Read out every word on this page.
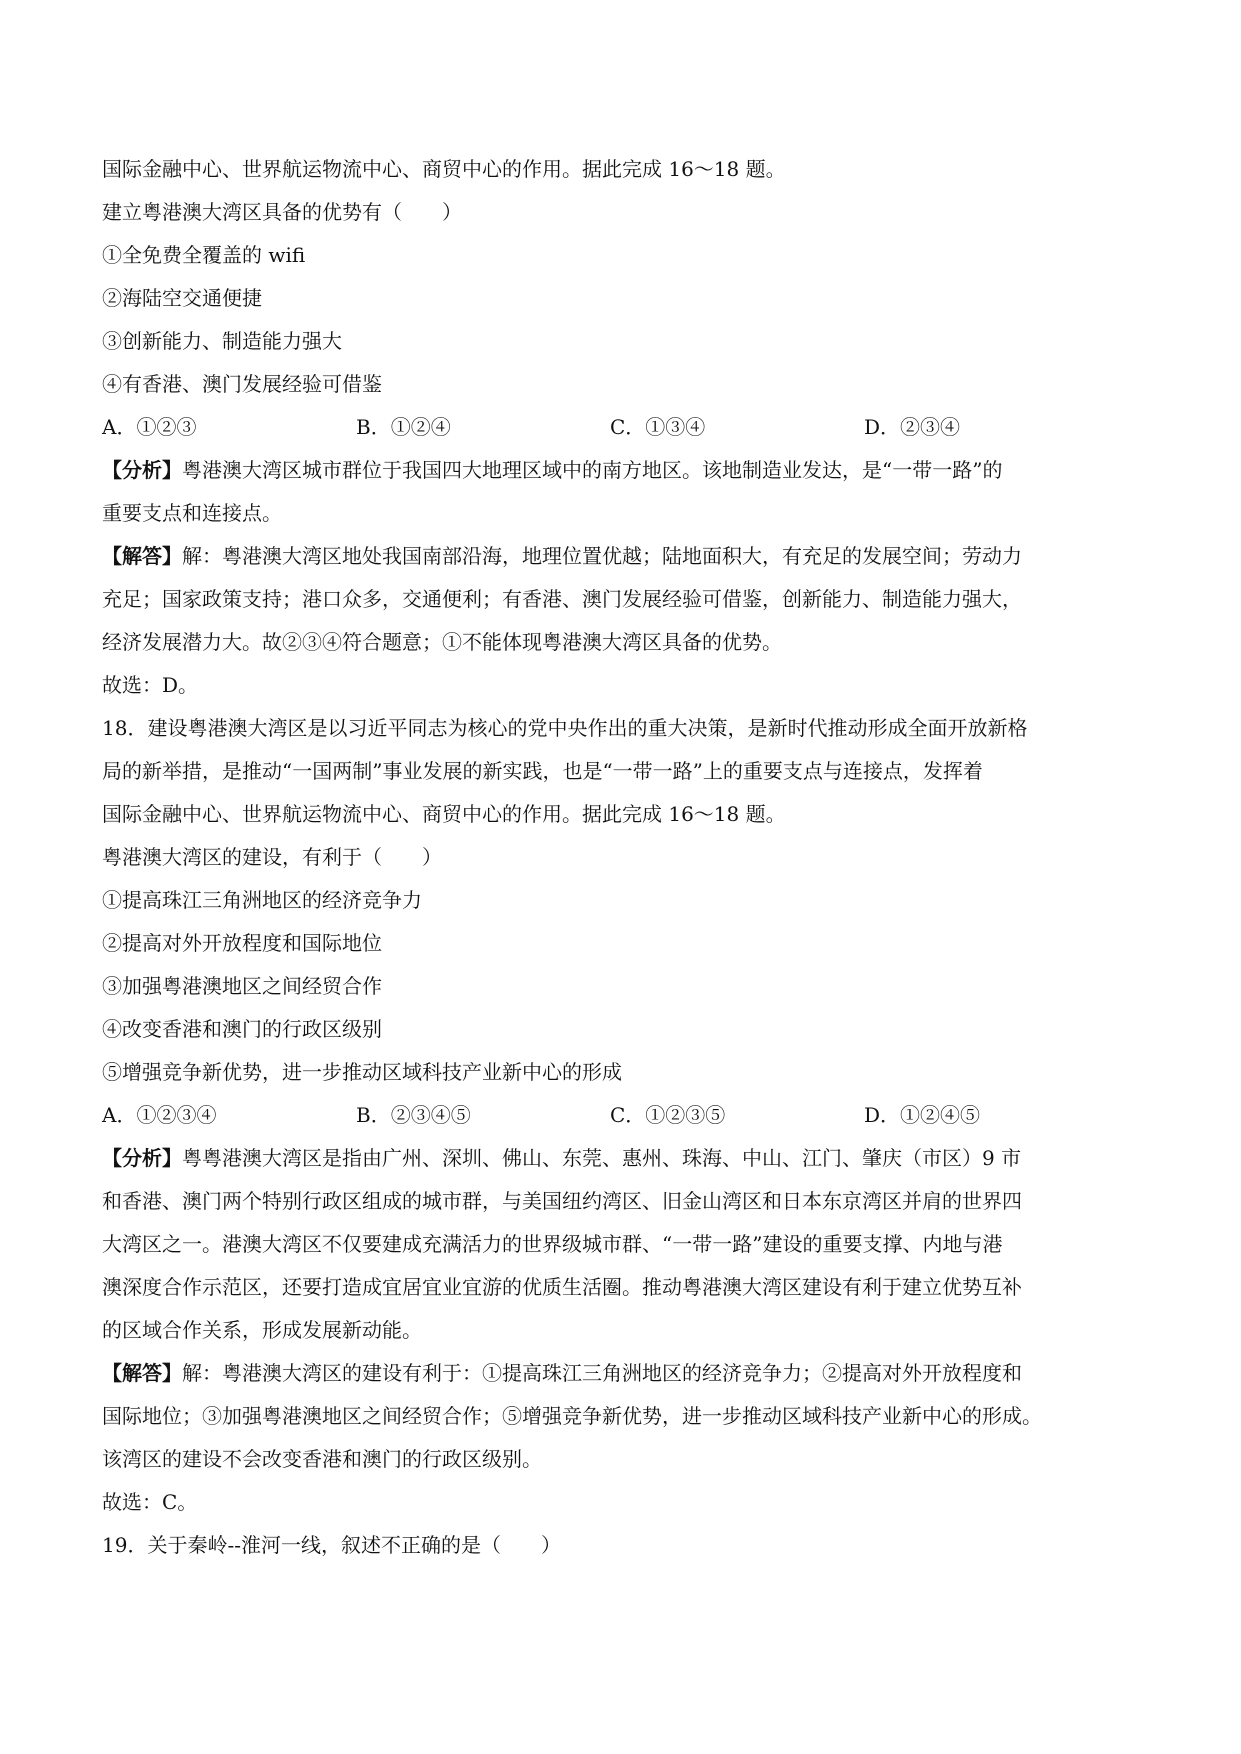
国际金融中心、世界航运物流中心、商贸中心的作用。据此完成 16～18 题。
建立粤港澳大湾区具备的优势有（　　）
①全免费全覆盖的 wifi
②海陆空交通便捷
③创新能力、制造能力强大
④有香港、澳门发展经验可借鉴
A．①②③	B．①②④	C．①③④	D．②③④
【分析】粤港澳大湾区城市群位于我国四大地理区域中的南方地区。该地制造业发达，是“一带一路”的
重要支点和连接点。
【解答】解：粤港澳大湾区地处我国南部沿海，地理位置优越；陆地面积大，有充足的发展空间；劳动力
充足；国家政策支持；港口众多，交通便利；有香港、澳门发展经验可借鉴，创新能力、制造能力强大，
经济发展潜力大。故②③④符合题意；①不能体现粤港澳大湾区具备的优势。
故选：D。
18．建设粤港澳大湾区是以习近平同志为核心的党中央作出的重大决策，是新时代推动形成全面开放新格
局的新举措，是推动“一国两制”事业发展的新实践，也是“一带一路”上的重要支点与连接点，发挥着
国际金融中心、世界航运物流中心、商贸中心的作用。据此完成 16～18 题。
粤港澳大湾区的建设，有利于（　　）
①提高珠江三角洲地区的经济竞争力
②提高对外开放程度和国际地位
③加强粤港澳地区之间经贸合作
④改变香港和澳门的行政区级别
⑤增强竞争新优势，进一步推动区域科技产业新中心的形成
A．①②③④	B．②③④⑤	C．①②③⑤	D．①②④⑤
【分析】粤粤港澳大湾区是指由广州、深圳、佛山、东莞、惠州、珠海、中山、江门、肇庆（市区）9 市
和香港、澳门两个特别行政区组成的城市群，与美国纽约湾区、旧金山湾区和日本东京湾区并肩的世界四
大湾区之一。港澳大湾区不仅要建成充满活力的世界级城市群、“一带一路”建设的重要支撑、内地与港
澳深度合作示范区，还要打造成宜居宜业宜游的优质生活圈。推动粤港澳大湾区建设有利于建立优势互补
的区域合作关系，形成发展新动能。
【解答】解：粤港澳大湾区的建设有利于：①提高珠江三角洲地区的经济竞争力；②提高对外开放程度和
国际地位；③加强粤港澳地区之间经贸合作；⑤增强竞争新优势，进一步推动区域科技产业新中心的形成。
该湾区的建设不会改变香港和澳门的行政区级别。
故选：C。
19．关于秦岭--淮河一线，叙述不正确的是（　　）
